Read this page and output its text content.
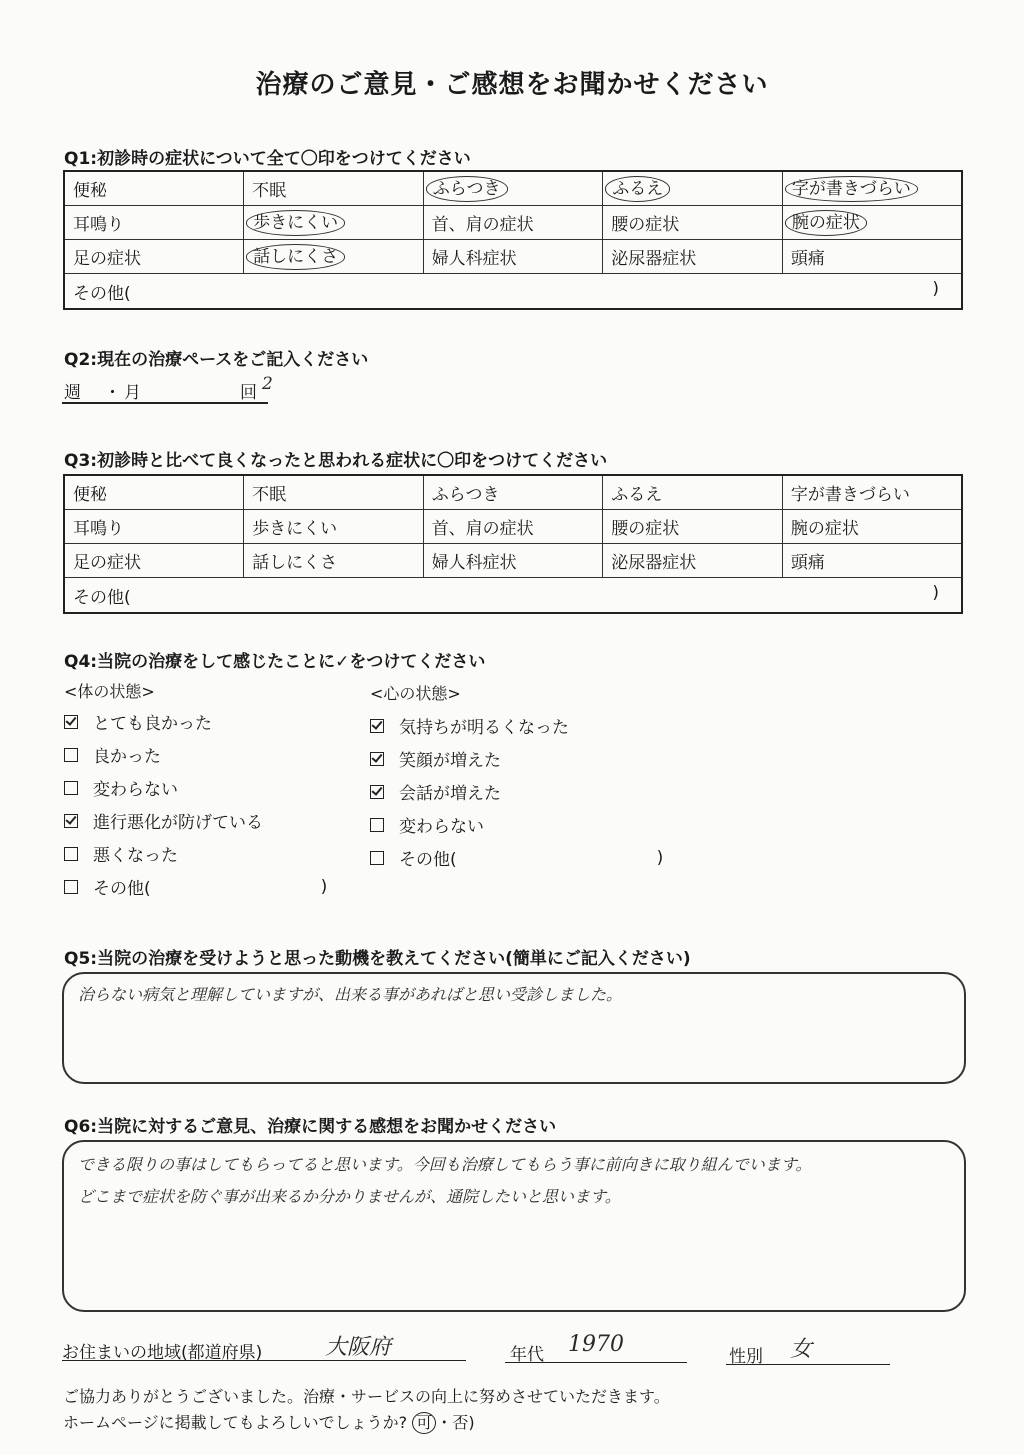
治療のご意見・ご感想をお聞かせください
Q1:初診時の症状について全て〇印をつけてください
便秘	不眠	ふらつき	ふるえ	字が書きづらい
耳鳴り	歩きにくい	首、肩の症状	腰の症状	腕の症状
足の症状	話しにくさ	婦人科症状	泌尿器症状	頭痛
その他( )				
Q2:現在の治療ペースをご記入ください
週 ・ 月	2
回
Q3:初診時と比べて良くなったと思われる症状に〇印をつけてください
便秘	不眠	ふらつき	ふるえ	字が書きづらい
耳鳴り	歩きにくい	首、肩の症状	腰の症状	腕の症状
足の症状	話しにくさ	婦人科症状	泌尿器症状	頭痛
その他( )				
Q4:当院の治療をして感じたことに✓をつけてください
<体の状態>	<心の状態>
とても良かった
良かった
変わらない
進行悪化が防げている
悪くなった
その他(	)
気持ちが明るくなった
笑顔が増えた
会話が増えた
変わらない
その他(	)
Q5:当院の治療を受けようと思った動機を教えてください(簡単にご記入ください)
治らない病気と理解していますが、出来る事があればと思い受診しました。
Q6:当院に対するご意見、治療に関する感想をお聞かせください
できる限りの事はしてもらってると思います。今回も治療してもらう事に前向きに取り組んでいます。
どこまで症状を防ぐ事が出来るか分かりませんが、通院したいと思います。
お住まいの地域(都道府県)	大阪府	年代 1970	性別 女
ご協力ありがとうございました。治療・サービスの向上に努めさせていただきます。
ホームページに掲載してもよろしいでしょうか? 可 ・否)
